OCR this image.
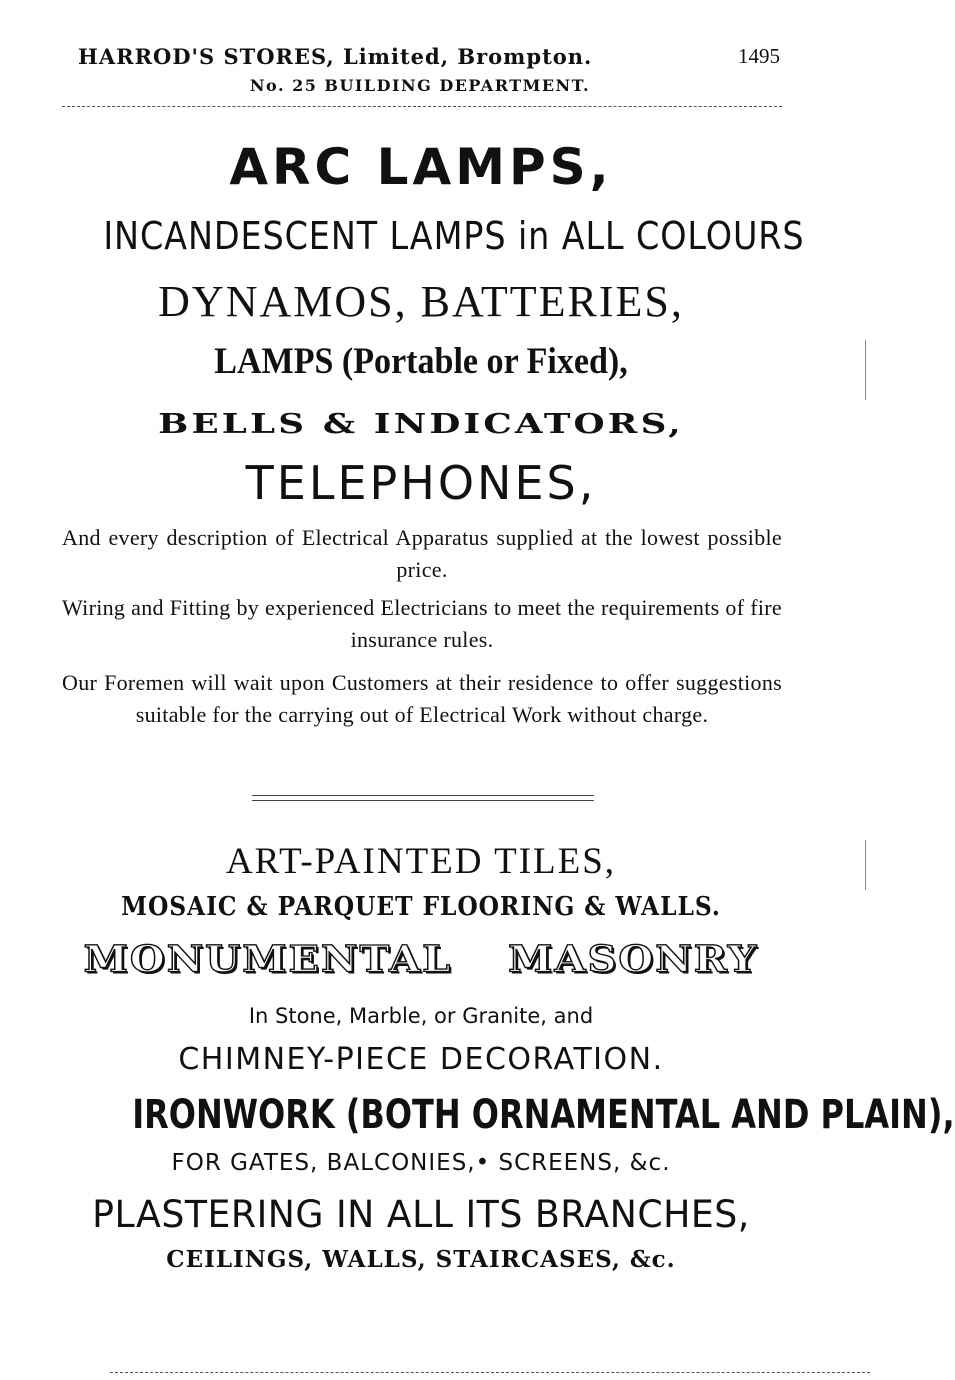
HARROD'S STORES, Limited, Brompton.	1495

No. 25 BUILDING DEPARTMENT.

ARC LAMPS,

INCANDESCENT LAMPS in ALL COLOURS

DYNAMOS, BATTERIES,

LAMPS (Portable or Fixed),

BELLS & INDICATORS,

TELEPHONES,

And every description of Electrical Apparatus supplied at the lowest possible price.

Wiring and Fitting by experienced Electricians to meet the requirements of fire insurance rules.

Our Foremen will wait upon Customers at their residence to offer suggestions suitable for the carrying out of Electrical Work without charge.

ART-PAINTED TILES,

MOSAIC & PARQUET FLOORING & WALLS.

MONUMENTAL MASONRY

In Stone, Marble, or Granite, and

CHIMNEY-PIECE DECORATION.

IRONWORK (BOTH ORNAMENTAL AND PLAIN),

FOR GATES, BALCONIES,• SCREENS, &c.

PLASTERING IN ALL ITS BRANCHES,

CEILINGS, WALLS, STAIRCASES, &c.
